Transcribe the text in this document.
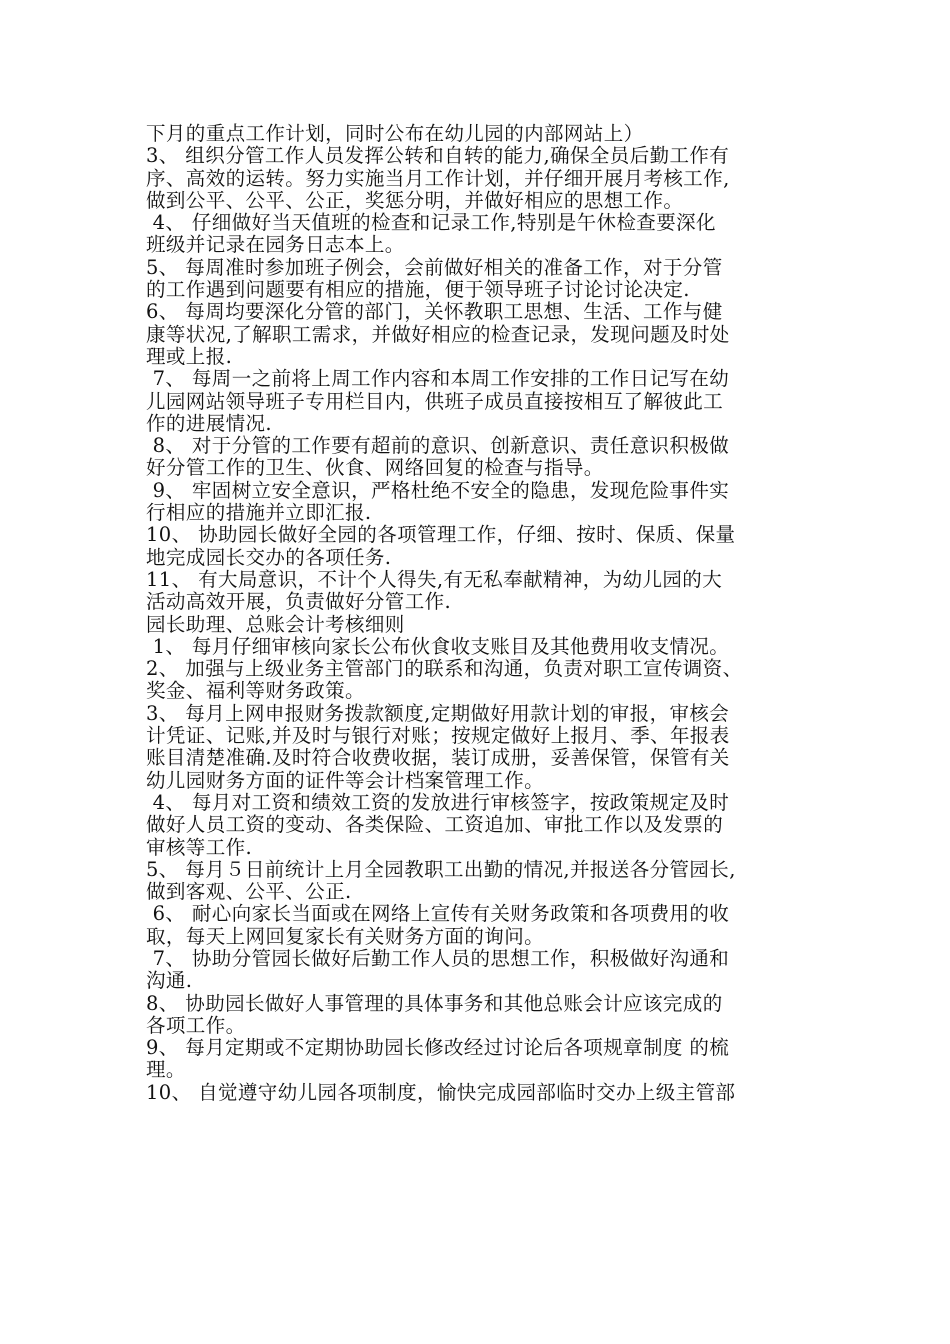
下月的重点工作计划，同时公布在幼儿园的内部网站上）
3、 组织分管工作人员发挥公转和自转的能力,确保全员后勤工作有
序、高效的运转。努力实施当月工作计划，并仔细开展月考核工作,
做到公平、公平、公正，奖惩分明，并做好相应的思想工作。
4、 仔细做好当天值班的检查和记录工作,特别是午休检查要深化
班级并记录在园务日志本上。
5、 每周准时参加班子例会，会前做好相关的准备工作，对于分管
的工作遇到问题要有相应的措施，便于领导班子讨论讨论决定.
6、 每周均要深化分管的部门，关怀教职工思想、生活、工作与健
康等状况,了解职工需求，并做好相应的检查记录，发现问题及时处
理或上报.
7、 每周一之前将上周工作内容和本周工作安排的工作日记写在幼
儿园网站领导班子专用栏目内，供班子成员直接按相互了解彼此工
作的进展情况.
8、 对于分管的工作要有超前的意识、创新意识、责任意识积极做
好分管工作的卫生、伙食、网络回复的检查与指导。
9、 牢固树立安全意识，严格杜绝不安全的隐患，发现危险事件实
行相应的措施并立即汇报.
10、 协助园长做好全园的各项管理工作，仔细、按时、保质、保量
地完成园长交办的各项任务.
11、 有大局意识，不计个人得失,有无私奉献精神，为幼儿园的大
活动高效开展，负责做好分管工作.
园长助理、总账会计考核细则
1、 每月仔细审核向家长公布伙食收支账目及其他费用收支情况。
2、 加强与上级业务主管部门的联系和沟通，负责对职工宣传调资、
奖金、福利等财务政策。
3、 每月上网申报财务拨款额度,定期做好用款计划的审报，审核会
计凭证、记账,并及时与银行对账；按规定做好上报月、季、年报表
账目清楚准确.及时符合收费收据，装订成册，妥善保管，保管有关
幼儿园财务方面的证件等会计档案管理工作。
4、 每月对工资和绩效工资的发放进行审核签字，按政策规定及时
做好人员工资的变动、各类保险、工资追加、审批工作以及发票的
审核等工作.
5、 每月５日前统计上月全园教职工出勤的情况,并报送各分管园长,
做到客观、公平、公正.
6、 耐心向家长当面或在网络上宣传有关财务政策和各项费用的收
取，每天上网回复家长有关财务方面的询问。
7、 协助分管园长做好后勤工作人员的思想工作，积极做好沟通和
沟通.
8、 协助园长做好人事管理的具体事务和其他总账会计应该完成的
各项工作。
9、 每月定期或不定期协助园长修改经过讨论后各项规章制度 的梳
理。
10、 自觉遵守幼儿园各项制度，愉快完成园部临时交办上级主管部
